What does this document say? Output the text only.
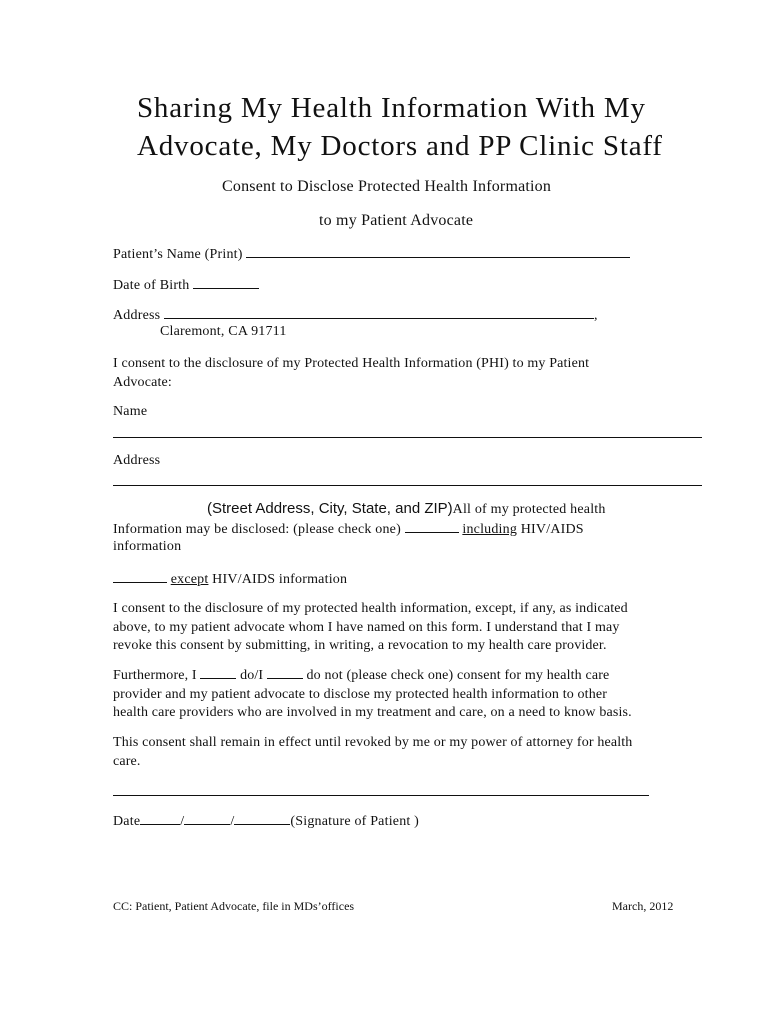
Sharing My Health Information With My
Advocate, My Doctors and PP Clinic Staff
Consent to Disclose Protected Health Information
to my Patient Advocate
Patient’s Name (Print)
Date of Birth
Address	,
Claremont, CA 91711
I consent to the disclosure of my Protected Health Information (PHI) to my Patient
Advocate:
Name
Address
(Street Address, City, State, and ZIP)All of my protected health
Information may be disclosed: (please check one)	including HIV/AIDS
information
except HIV/AIDS information
I consent to the disclosure of my protected health information, except, if any, as indicated
above, to my patient advocate whom I have named on this form. I understand that I may
revoke this consent by submitting, in writing, a revocation to my health care provider.
Furthermore, I	do/I	do not (please check one) consent for my health care
provider and my patient advocate to disclose my protected health information to other
health care providers who are involved in my treatment and care, on a need to know basis.
This consent shall remain in effect until revoked by me or my power of attorney for health
care.
Date	/	/	(Signature of Patient )
CC: Patient, Patient Advocate, file in MDs’offices	March, 2012
